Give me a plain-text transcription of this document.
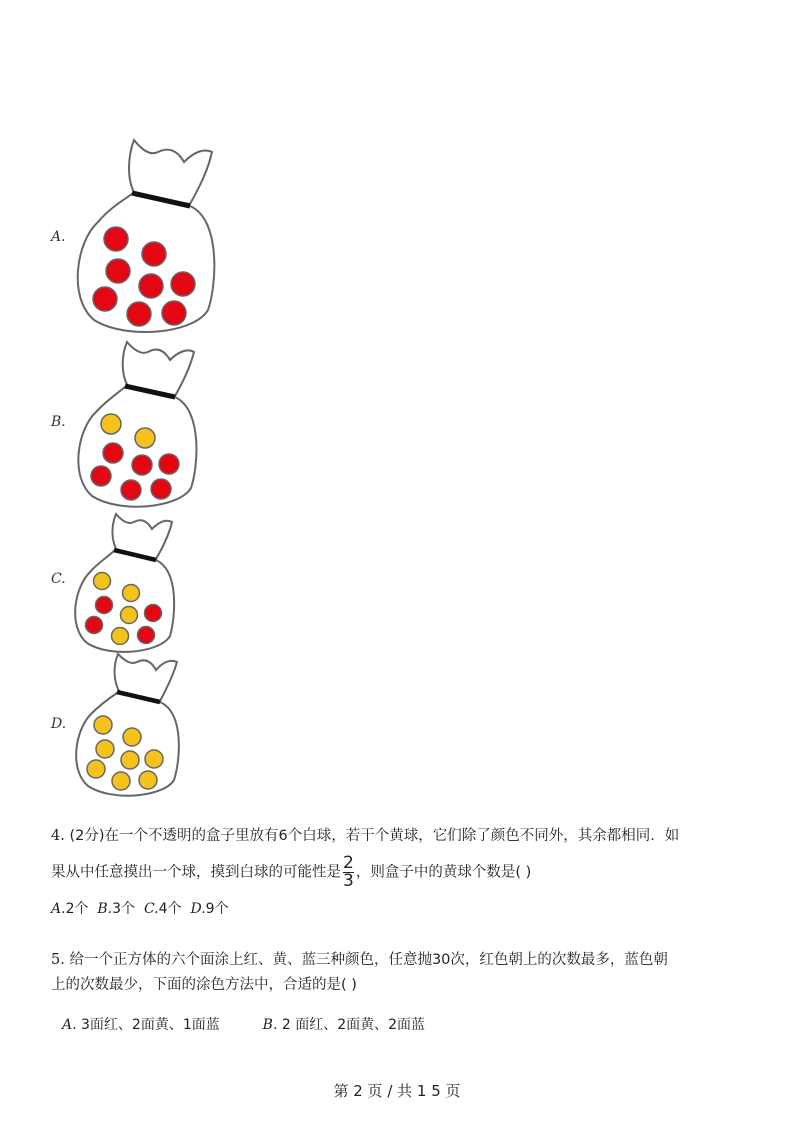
A.
B.
C.
D.
4. (2分)在一个不透明的盒子里放有6个白球，若干个黄球，它们除了颜色不同外，其余都相同．如
果从中任意摸出一个球，摸到白球的可能性是 $\frac{2}{3}$ ，则盒子中的黄球个数是( )
A.2个 B.3个 C.4个 D.9个
5. 给一个正方体的六个面涂上红、黄、蓝三种颜色，任意抛30次，红色朝上的次数最多，蓝色朝
上的次数最少，下面的涂色方法中，合适的是( )
A. 3面红、2面黄、1面蓝	B. 2 面红、2面黄、2面蓝
第 2 页 / 共 1 5 页
